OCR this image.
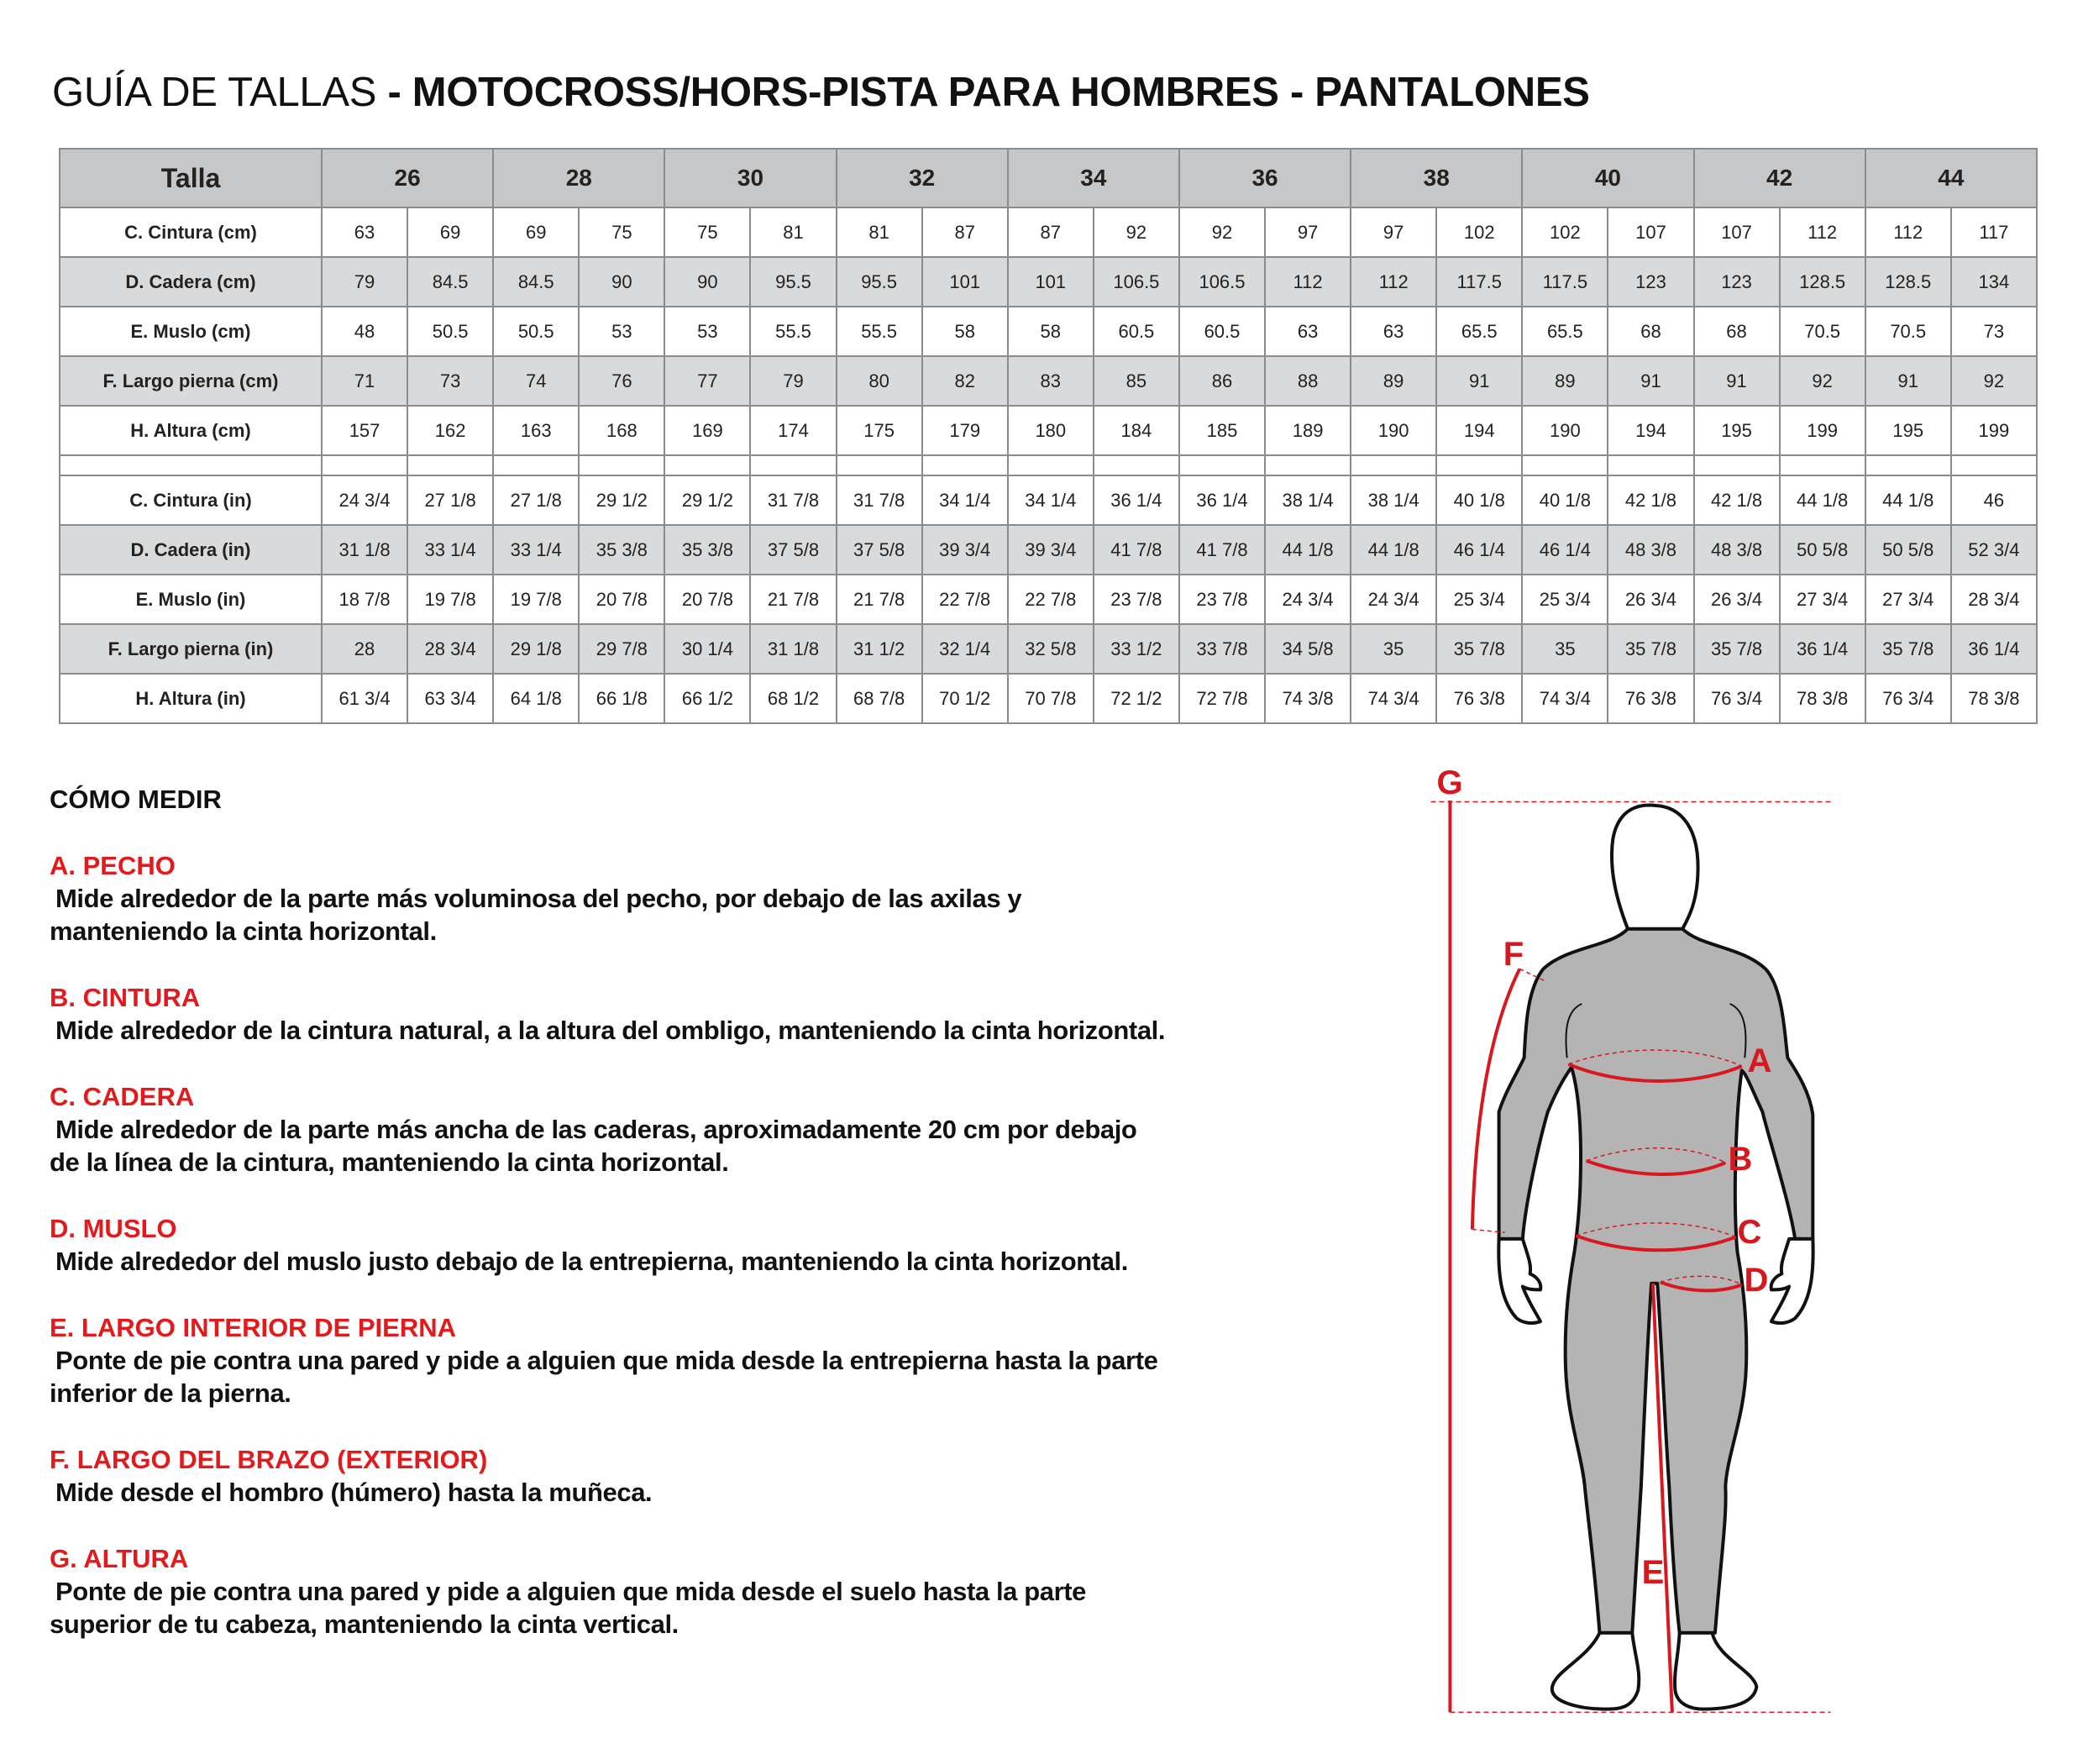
GUÍA DE TALLAS - MOTOCROSS/HORS-PISTA PARA HOMBRES - PANTALONES
Talla	26		28		30		32		34		36		38		40		42		44	
C. Cintura (cm)	63	69	69	75	75	81	81	87	87	92	92	97	97	102	102	107	107	112	112	117
D. Cadera (cm)	79	84.5	84.5	90	90	95.5	95.5	101	101	106.5	106.5	112	112	117.5	117.5	123	123	128.5	128.5	134
E. Muslo (cm)	48	50.5	50.5	53	53	55.5	55.5	58	58	60.5	60.5	63	63	65.5	65.5	68	68	70.5	70.5	73
F. Largo pierna (cm)	71	73	74	76	77	79	80	82	83	85	86	88	89	91	89	91	91	92	91	92
H. Altura (cm)	157	162	163	168	169	174	175	179	180	184	185	189	190	194	190	194	195	199	195	199

C. Cintura (in)	24 3/4	27 1/8	27 1/8	29 1/2	29 1/2	31 7/8	31 7/8	34 1/4	34 1/4	36 1/4	36 1/4	38 1/4	38 1/4	40 1/8	40 1/8	42 1/8	42 1/8	44 1/8	44 1/8	46
D. Cadera (in)	31 1/8	33 1/4	33 1/4	35 3/8	35 3/8	37 5/8	37 5/8	39 3/4	39 3/4	41 7/8	41 7/8	44 1/8	44 1/8	46 1/4	46 1/4	48 3/8	48 3/8	50 5/8	50 5/8	52 3/4
E. Muslo (in)	18 7/8	19 7/8	19 7/8	20 7/8	20 7/8	21 7/8	21 7/8	22 7/8	22 7/8	23 7/8	23 7/8	24 3/4	24 3/4	25 3/4	25 3/4	26 3/4	26 3/4	27 3/4	27 3/4	28 3/4
F. Largo pierna (in)	28	28 3/4	29 1/8	29 7/8	30 1/4	31 1/8	31 1/2	32 1/4	32 5/8	33 1/2	33 7/8	34 5/8	35	35 7/8	35	35 7/8	35 7/8	36 1/4	35 7/8	36 1/4
H. Altura (in)	61 3/4	63 3/4	64 1/8	66 1/8	66 1/2	68 1/2	68 7/8	70 1/2	70 7/8	72 1/2	72 7/8	74 3/8	74 3/4	76 3/8	74 3/4	76 3/8	76 3/4	78 3/8	76 3/4	78 3/8
CÓMO MEDIR
A. PECHO
Mide alrededor de la parte más voluminosa del pecho, por debajo de las axilas y
manteniendo la cinta horizontal.
B. CINTURA
Mide alrededor de la cintura natural, a la altura del ombligo, manteniendo la cinta horizontal.
C. CADERA
Mide alrededor de la parte más ancha de las caderas, aproximadamente 20 cm por debajo
de la línea de la cintura, manteniendo la cinta horizontal.
D. MUSLO
Mide alrededor del muslo justo debajo de la entrepierna, manteniendo la cinta horizontal.
E. LARGO INTERIOR DE PIERNA
Ponte de pie contra una pared y pide a alguien que mida desde la entrepierna hasta la parte
inferior de la pierna.
F. LARGO DEL BRAZO (EXTERIOR)
Mide desde el hombro (húmero) hasta la muñeca.
G. ALTURA
Ponte de pie contra una pared y pide a alguien que mida desde el suelo hasta la parte
superior de tu cabeza, manteniendo la cinta vertical.
A
B
C
D
E
F
G
